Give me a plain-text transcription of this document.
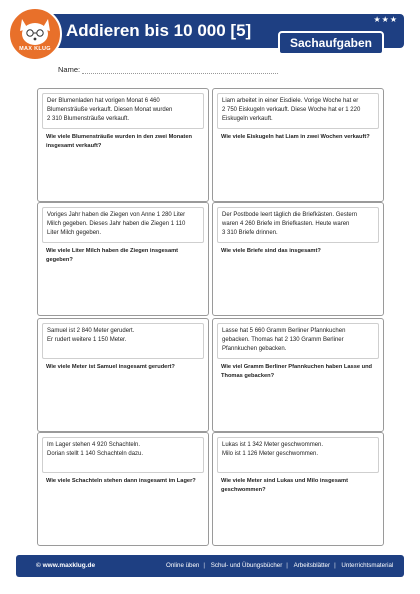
MAX KLUG
Addieren bis 10 000 [5]
★★★
Sachaufgaben
Name:
Der Blumenladen hat vorigen Monat 6 460
Blumensträuße verkauft. Diesen Monat wurden
2 310 Blumensträuße verkauft.
Wie viele Blumensträuße wurden in den zwei Monaten insgesamt verkauft?
Liam arbeitet in einer Eisdiele. Vorige Woche hat er
2 750 Eiskugeln verkauft. Diese Woche hat er 1 220
Eiskugeln verkauft.
Wie viele Eiskugeln hat Liam in zwei Wochen verkauft?
Voriges Jahr haben die Ziegen von Anne 1 280 Liter
Milch gegeben. Dieses Jahr haben die Ziegen 1 110
Liter Milch gegeben.
Wie viele Liter Milch haben die Ziegen insgesamt gegeben?
Der Postbode leert täglich die Briefkästen. Gestern
waren 4 260 Briefe im Briefkasten. Heute waren
3 310 Briefe drinnen.
Wie viele Briefe sind das insgesamt?
Samuel ist 2 840 Meter gerudert.
Er rudert weitere 1 150 Meter.
Wie viele Meter ist Samuel insgesamt gerudert?
Lasse hat 5 660 Gramm Berliner Pfannkuchen
gebacken. Thomas hat 2 130 Gramm Berliner
Pfannkuchen gebacken.
Wie viel Gramm Berliner Pfannkuchen haben Lasse und Thomas gebacken?
Im Lager stehen 4 920 Schachteln.
Dorian stellt 1 140 Schachteln dazu.
Wie viele Schachteln stehen dann insgesamt im Lager?
Lukas ist 1 342 Meter geschwommen.
Milo ist 1 126 Meter geschwommen.
Wie viele Meter sind Lukas und Milo insgesamt geschwommen?
© www.maxklug.de	Online üben | Schul- und Übungsbücher | Arbeitsblätter | Unterrichtsmaterial
